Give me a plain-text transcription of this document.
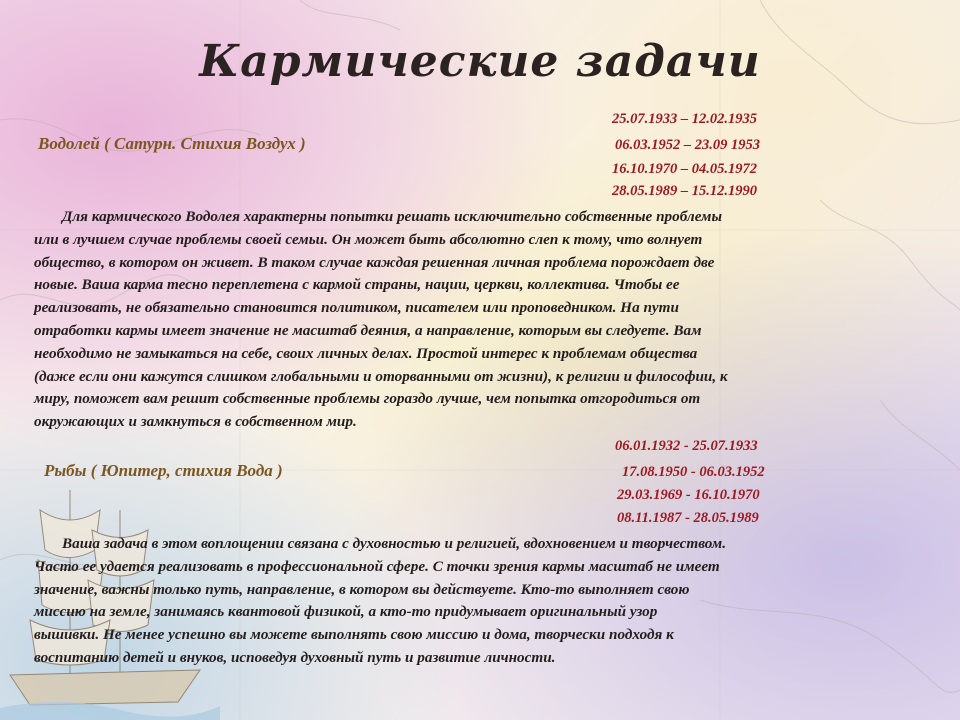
Кармические задачи
25.07.1933 – 12.02.1935
Водолей ( Сатурн. Стихия Воздух )	06.03.1952 – 23.09 1953
16.10.1970 – 04.05.1972
28.05.1989 – 15.12.1990
Для кармического Водолея характерны попытки решать исключительно собственные проблемы
или в лучшем случае проблемы своей семьи. Он может быть абсолютно слеп к тому, что волнует
общество, в котором он живет. В таком случае каждая решенная личная проблема порождает две
новые. Ваша карма тесно переплетена с кармой страны, нации, церкви, коллектива. Чтобы ее
реализовать, не обязательно становится политиком, писателем или проповедником. На пути
отработки кармы имеет значение не масштаб деяния, а направление, которым вы следуете. Вам
необходимо не замыкаться на себе, своих личных делах. Простой интерес к проблемам общества
(даже если они кажутся слишком глобальными и оторванными от жизни), к религии и философии, к
миру, поможет вам решит собственные проблемы гораздо лучше, чем попытка отгородиться от
окружающих и замкнуться в собственном мир.
06.01.1932 - 25.07.1933
Рыбы ( Юпитер, стихия Вода )	17.08.1950 - 06.03.1952
29.03.1969 - 16.10.1970
08.11.1987 - 28.05.1989
Ваша задача в этом воплощении связана с духовностью и религией, вдохновением и творчеством.
Часто ее удается реализовать в профессиональной сфере. С точки зрения кармы масштаб не имеет
значение, важны только путь, направление, в котором вы действуете. Кто-то выполняет свою
миссию на земле, занимаясь квантовой физикой, а кто-то придумывает оригинальный узор
вышивки. Не менее успешно вы можете выполнять свою миссию и дома, творчески подходя к
воспитанию детей и внуков, исповедуя духовный путь и развитие личности.
